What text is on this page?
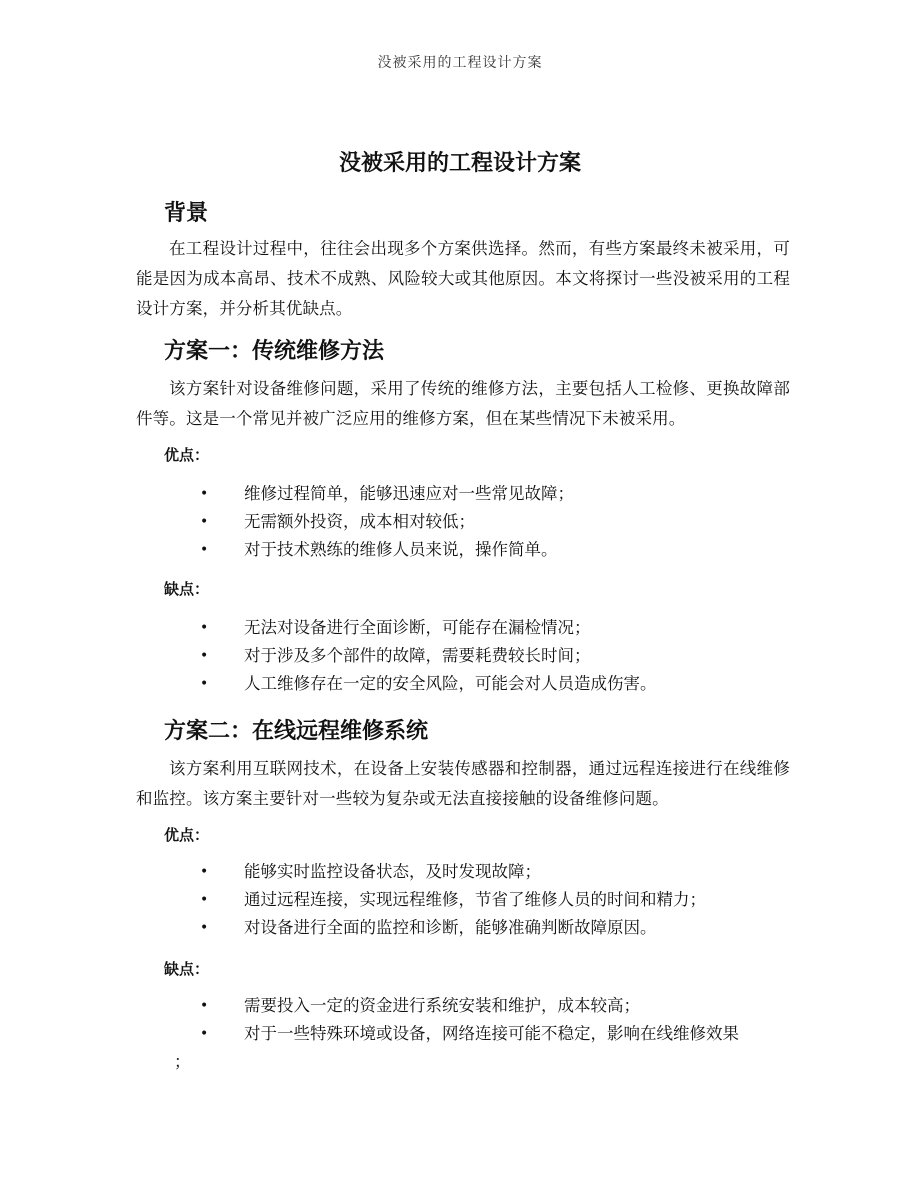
没被采用的工程设计方案
没被采用的工程设计方案
背景
在工程设计过程中，往往会出现多个方案供选择。然而，有些方案最终未被采用，可能是因为成本高昂、技术不成熟、风险较大或其他原因。本文将探讨一些没被采用的工程设计方案，并分析其优缺点。
方案一：传统维修方法
该方案针对设备维修问题，采用了传统的维修方法，主要包括人工检修、更换故障部件等。这是一个常见并被广泛应用的维修方案，但在某些情况下未被采用。
优点：
• 维修过程简单，能够迅速应对一些常见故障；
• 无需额外投资，成本相对较低；
• 对于技术熟练的维修人员来说，操作简单。
缺点：
• 无法对设备进行全面诊断，可能存在漏检情况；
• 对于涉及多个部件的故障，需要耗费较长时间；
• 人工维修存在一定的安全风险，可能会对人员造成伤害。
方案二：在线远程维修系统
该方案利用互联网技术，在设备上安装传感器和控制器，通过远程连接进行在线维修和监控。该方案主要针对一些较为复杂或无法直接接触的设备维修问题。
优点：
• 能够实时监控设备状态，及时发现故障；
• 通过远程连接，实现远程维修，节省了维修人员的时间和精力；
• 对设备进行全面的监控和诊断，能够准确判断故障原因。
缺点：
• 需要投入一定的资金进行系统安装和维护，成本较高；
• 对于一些特殊环境或设备，网络连接可能不稳定，影响在线维修效果
；
